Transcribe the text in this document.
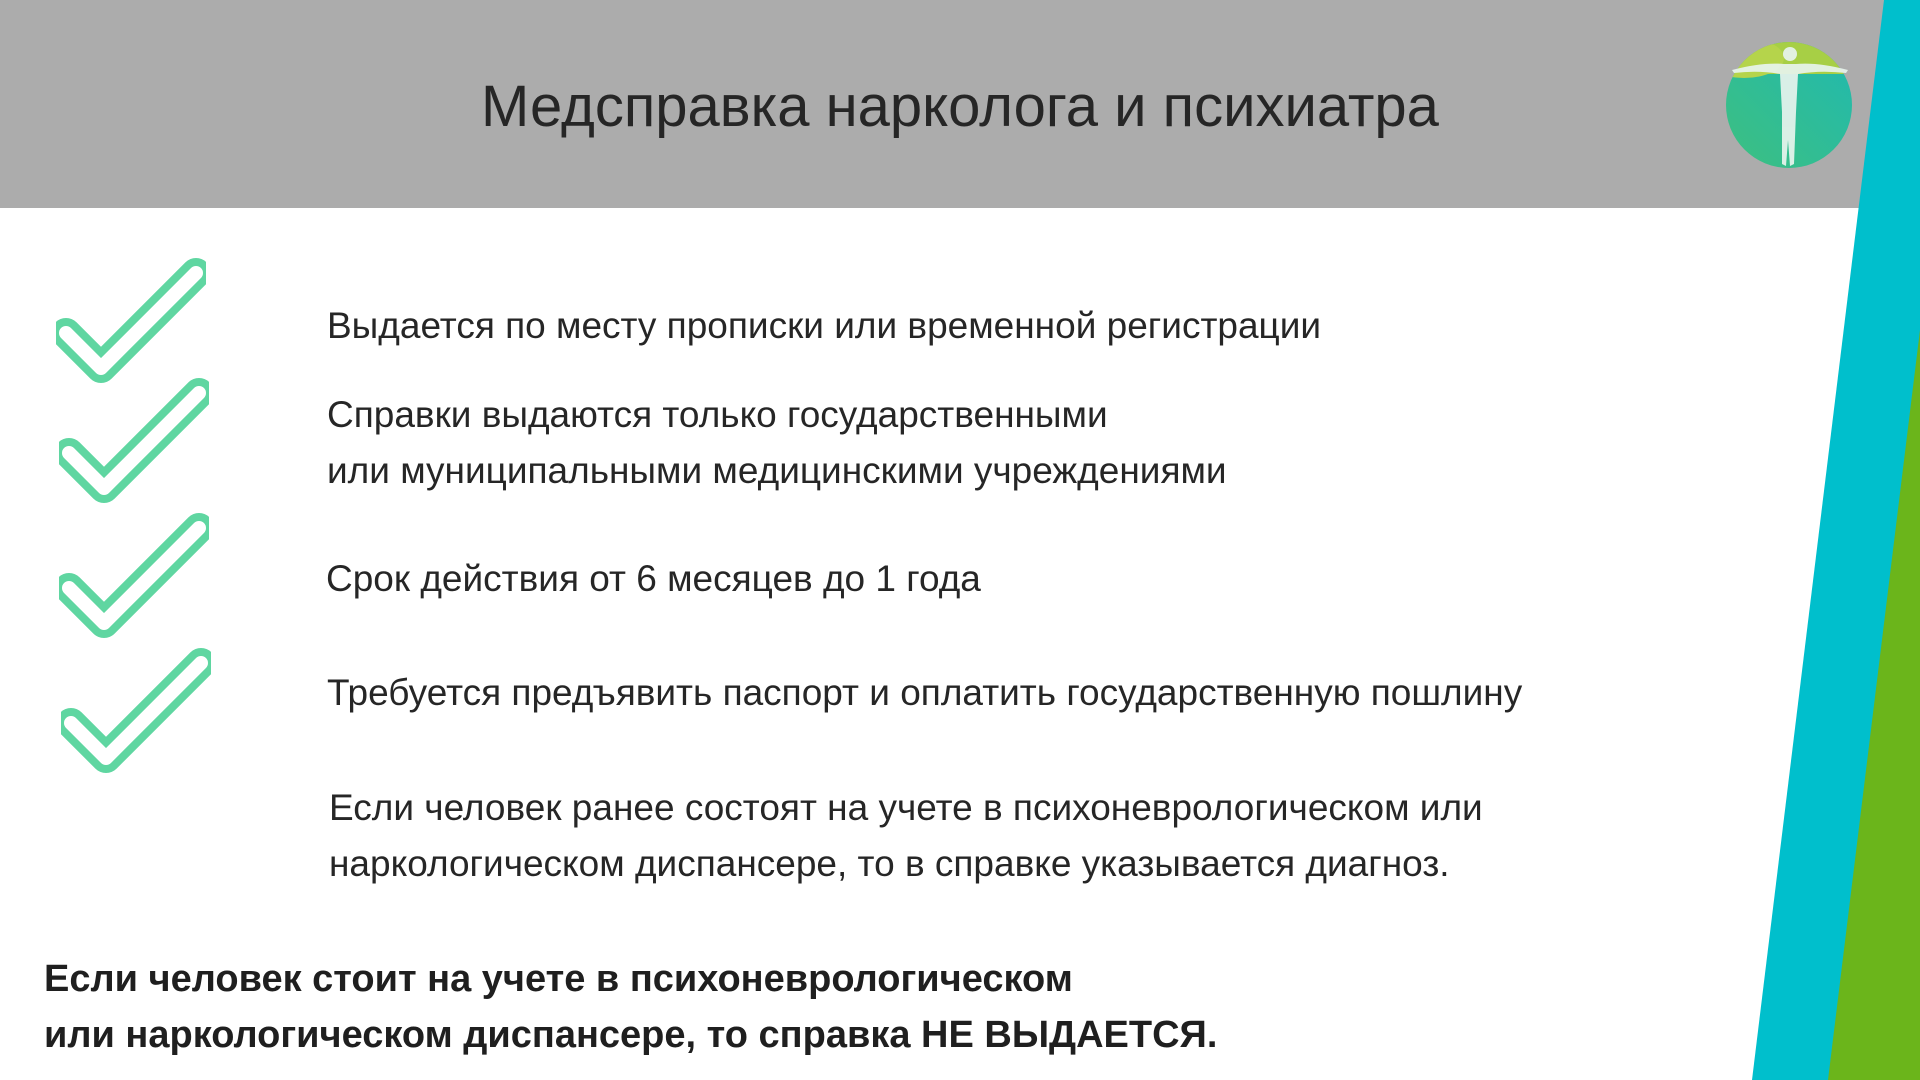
Медсправка нарколога и психиатра
Выдается по месту прописки или временной регистрации
Справки выдаются только государственными
или муниципальными медицинскими учреждениями
Срок действия от 6 месяцев до 1 года
Требуется предъявить паспорт и оплатить государственную пошлину
Если человек ранее состоят на учете в психоневрологическом или
наркологическом диспансере, то в справке указывается диагноз.
Если человек стоит на учете в психоневрологическом
или наркологическом диспансере, то справка НЕ ВЫДАЕТСЯ.
